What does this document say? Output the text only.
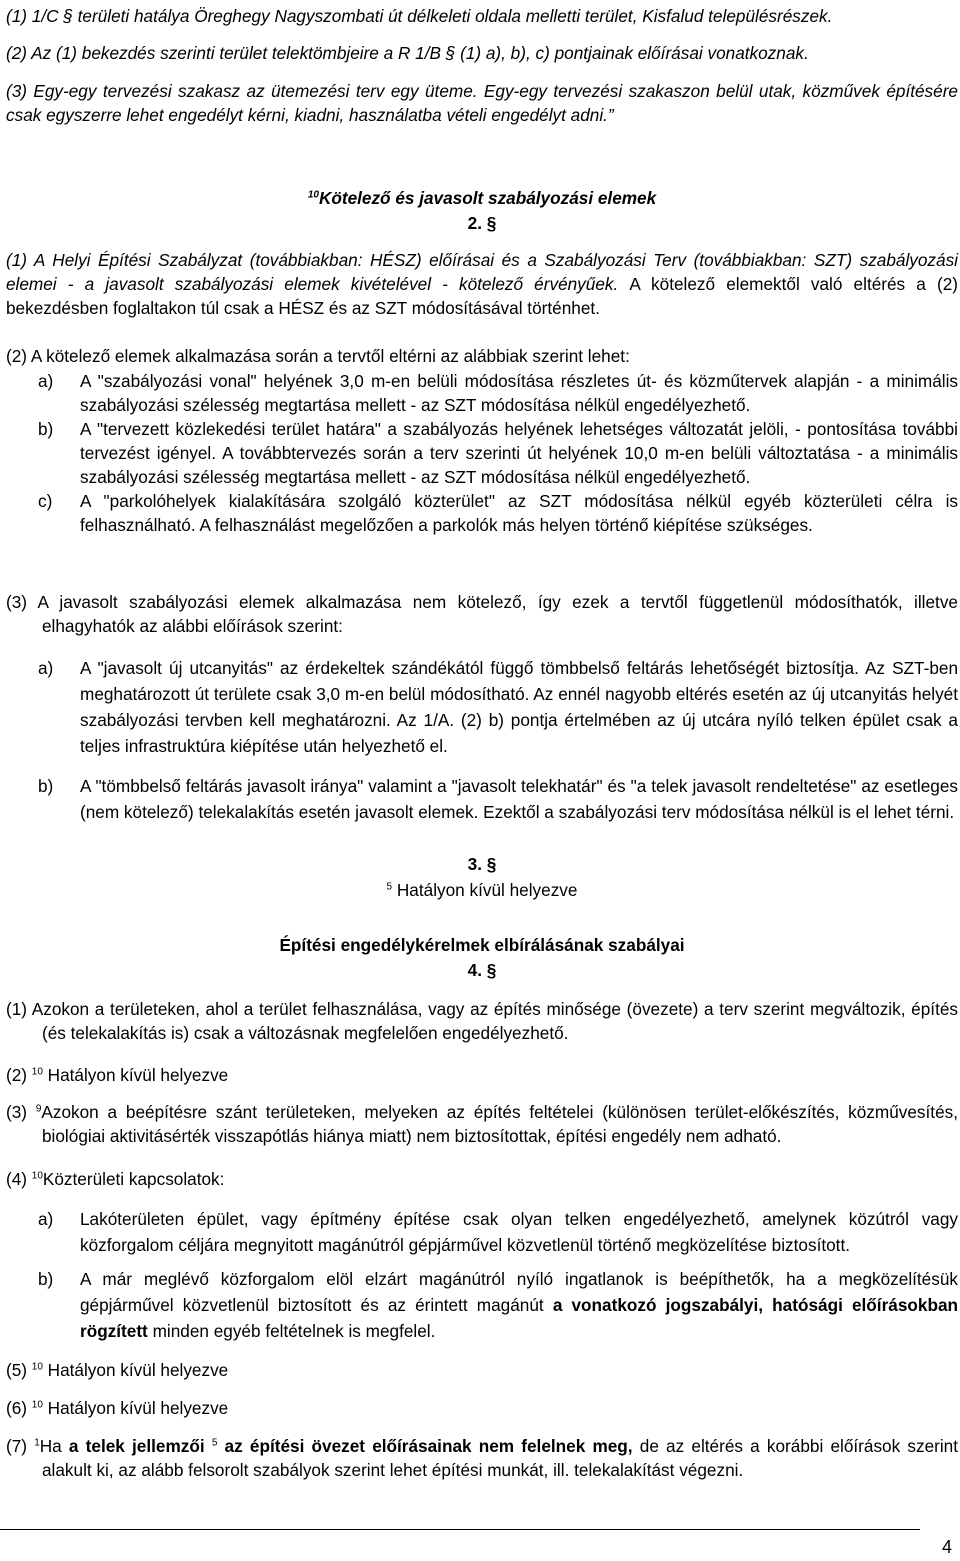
(1) 1/C § területi hatálya Öreghegy Nagyszombati út délkeleti oldala melletti terület, Kisfalud településrészek.

(2) Az (1) bekezdés szerinti terület telektömbjeire a R 1/B § (1) a), b), c) pontjainak előírásai vonatkoznak.

(3) Egy-egy tervezési szakasz az ütemezési terv egy üteme. Egy-egy tervezési szakaszon belül utak, közművek építésére csak egyszerre lehet engedélyt kérni, kiadni, használatba vételi engedélyt adni.”

$^{10}$Kötelező és javasolt szabályozási elemek

2. §

(1) A Helyi Építési Szabályzat (továbbiakban: HÉSZ) előírásai és a Szabályozási Terv (továbbiakban: SZT) szabályozási elemei - a javasolt szabályozási elemek kivételével - kötelező érvényűek. A kötelező elemektől való eltérés a (2) bekezdésben foglaltakon túl csak a HÉSZ és az SZT módosításával történhet.

(2) A kötelező elemek alkalmazása során a tervtől eltérni az alábbiak szerint lehet:

a)	A "szabályozási vonal" helyének 3,0 m-en belüli módosítása részletes út- és közműtervek alapján - a minimális szabályozási szélesség megtartása mellett - az SZT módosítása nélkül engedélyezhető.
b)	A "tervezett közlekedési terület határa" a szabályozás helyének lehetséges változatát jelöli, - pontosítása további tervezést igényel. A továbbtervezés során a terv szerinti út helyének 10,0 m-en belüli változtatása - a minimális szabályozási szélesség megtartása mellett - az SZT módosítása nélkül engedélyezhető.
c)	A "parkolóhelyek kialakítására szolgáló közterület" az SZT módosítása nélkül egyéb közterületi célra is felhasználható. A felhasználást megelőzően a parkolók más helyen történő kiépítése szükséges.

(3) A javasolt szabályozási elemek alkalmazása nem kötelező, így ezek a tervtől függetlenül módosíthatók, illetve elhagyhatók az alábbi előírások szerint:

a)	A "javasolt új utcanyitás" az érdekeltek szándékától függő tömbbelső feltárás lehetőségét biztosítja. Az SZT-ben meghatározott út területe csak 3,0 m-en belül módosítható. Az ennél nagyobb eltérés esetén az új utcanyitás helyét szabályozási tervben kell meghatározni. Az 1/A. (2) b) pontja értelmében az új utcára nyíló telken épület csak a teljes infrastruktúra kiépítése után helyezhető el.
b)	A "tömbbelső feltárás javasolt iránya" valamint a "javasolt telekhatár" és "a telek javasolt rendeltetése" az esetleges (nem kötelező) telekalakítás esetén javasolt elemek. Ezektől a szabályozási terv módosítása nélkül is el lehet térni.

3. §

$^5$ Hatályon kívül helyezve

Építési engedélykérelmek elbírálásának szabályai

4. §

(1) Azokon a területeken, ahol a terület felhasználása, vagy az építés minősége (övezete) a terv szerint megváltozik, építés (és telekalakítás is) csak a változásnak megfelelően engedélyezhető.

(2) $^{10}$ Hatályon kívül helyezve

(3) $^9$Azokon a beépítésre szánt területeken, melyeken az építés feltételei (különösen terület-előkészítés, közművesítés, biológiai aktivitásérték visszapótlás hiánya miatt) nem biztosítottak, építési engedély nem adható.

(4) $^{10}$Közterületi kapcsolatok:

a)	Lakóterületen épület, vagy építmény építése csak olyan telken engedélyezhető, amelynek közútról vagy közforgalom céljára megnyitott magánútról gépjárművel közvetlenül történő megközelítése biztosított.
b)	A már meglévő közforgalom elöl elzárt magánútról nyíló ingatlanok is beépíthetők, ha a megközelítésük gépjárművel közvetlenül biztosított és az érintett magánút a vonatkozó jogszabályi, hatósági előírásokban rögzített minden egyéb feltételnek is megfelel.

(5) $^{10}$ Hatályon kívül helyezve

(6) $^{10}$ Hatályon kívül helyezve

(7) $^1$Ha a telek jellemzői $^5$ az építési övezet előírásainak nem felelnek meg, de az eltérés a korábbi előírások szerint alakult ki, az alább felsorolt szabályok szerint lehet építési munkát, ill. telekalakítást végezni.

4
